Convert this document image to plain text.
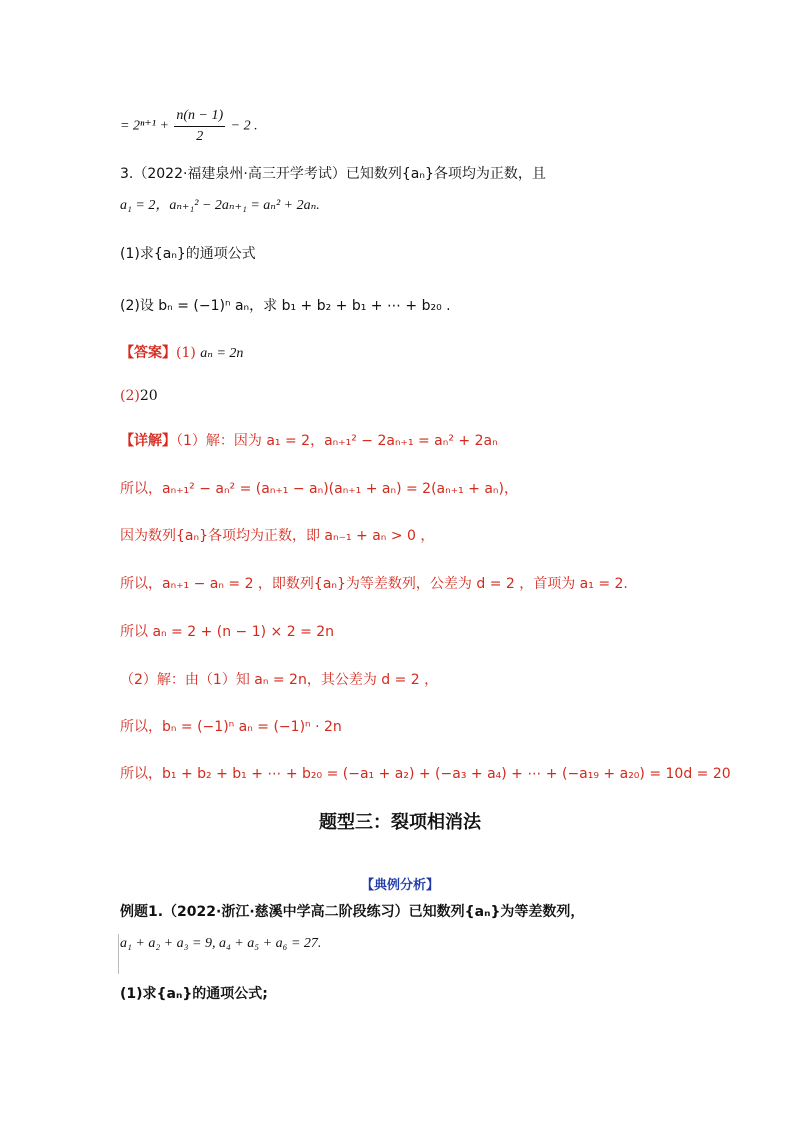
= $2^{n+1} + \frac{n(n - 1)}{2} - 2$ .
3.（2022·福建泉州·高三开学考试）已知数列{aₙ}各项均为正数，且
a₁ = 2，aₙ₊₁² − 2aₙ₊₁ = aₙ² + 2aₙ.
(1)求{aₙ}的通项公式
(2)设 bₙ = (−1)ⁿ aₙ，求 b₁ + b₂ + b₁ + ⋯ + b₂₀ .
【答案】(1) aₙ = 2n
(2)20
【详解】（1）解：因为 a₁ = 2，aₙ₊₁² − 2aₙ₊₁ = aₙ² + 2aₙ
所以，aₙ₊₁² − aₙ² = (aₙ₊₁ − aₙ)(aₙ₊₁ + aₙ) = 2(aₙ₊₁ + aₙ)，
因为数列{aₙ}各项均为正数，即 aₙ₋₁ + aₙ > 0 ，
所以，aₙ₊₁ − aₙ = 2 ，即数列{aₙ}为等差数列，公差为 d = 2 ，首项为 a₁ = 2.
所以 aₙ = 2 + (n − 1) × 2 = 2n
（2）解：由（1）知 aₙ = 2n，其公差为 d = 2 ，
所以，bₙ = (−1)ⁿ aₙ = (−1)ⁿ · 2n
所以，b₁ + b₂ + b₁ + ⋯ + b₂₀ = (−a₁ + a₂) + (−a₃ + a₄) + ⋯ + (−a₁₉ + a₂₀) = 10d = 20
题型三：裂项相消法
【典例分析】
例题1.（2022·浙江·慈溪中学高二阶段练习）已知数列{aₙ}为等差数列，
a₁ + a₂ + a₃ = 9, a₄ + a₅ + a₆ = 27.
(1)求{aₙ}的通项公式;
